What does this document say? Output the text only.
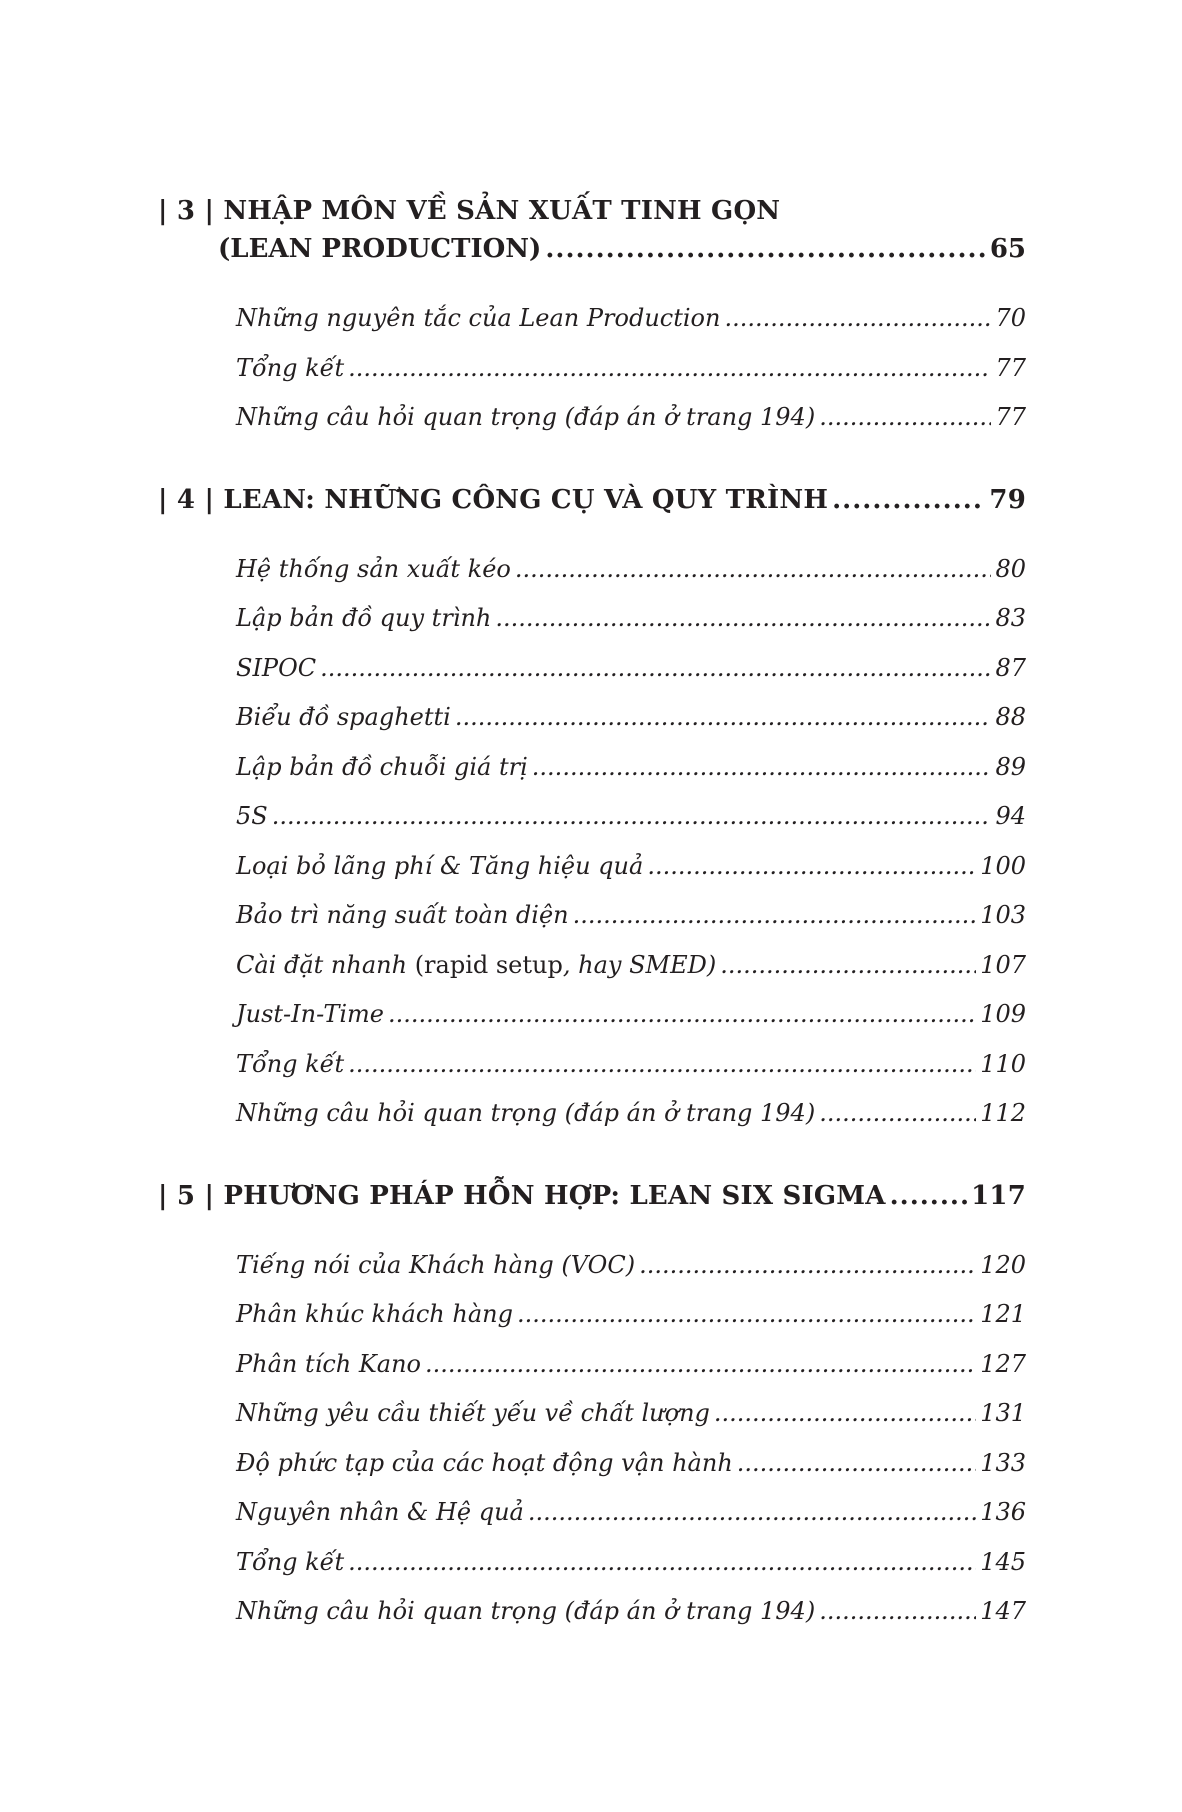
| 3 | NHẬP MÔN VỀ SẢN XUẤT TINH GỌN
(LEAN PRODUCTION) .....	65
Những nguyên tắc của Lean Production .....	70
Tổng kết .....	77
Những câu hỏi quan trọng (đáp án ở trang 194) .....	77
| 4 | LEAN: NHỮNG CÔNG CỤ VÀ QUY TRÌNH .....	79
Hệ thống sản xuất kéo .....	80
Lập bản đồ quy trình .....	83
SIPOC .....	87
Biểu đồ spaghetti .....	88
Lập bản đồ chuỗi giá trị .....	89
5S .....	94
Loại bỏ lãng phí & Tăng hiệu quả .....	100
Bảo trì năng suất toàn diện .....	103
Cài đặt nhanh (rapid setup, hay SMED) .....	107
Just-In-Time .....	109
Tổng kết .....	110
Những câu hỏi quan trọng (đáp án ở trang 194) .....	112
| 5 | PHƯƠNG PHÁP HỖN HỢP: LEAN SIX SIGMA .....	117
Tiếng nói của Khách hàng (VOC) .....	120
Phân khúc khách hàng .....	121
Phân tích Kano .....	127
Những yêu cầu thiết yếu về chất lượng .....	131
Độ phức tạp của các hoạt động vận hành .....	133
Nguyên nhân & Hệ quả .....	136
Tổng kết .....	145
Những câu hỏi quan trọng (đáp án ở trang 194) .....	147
